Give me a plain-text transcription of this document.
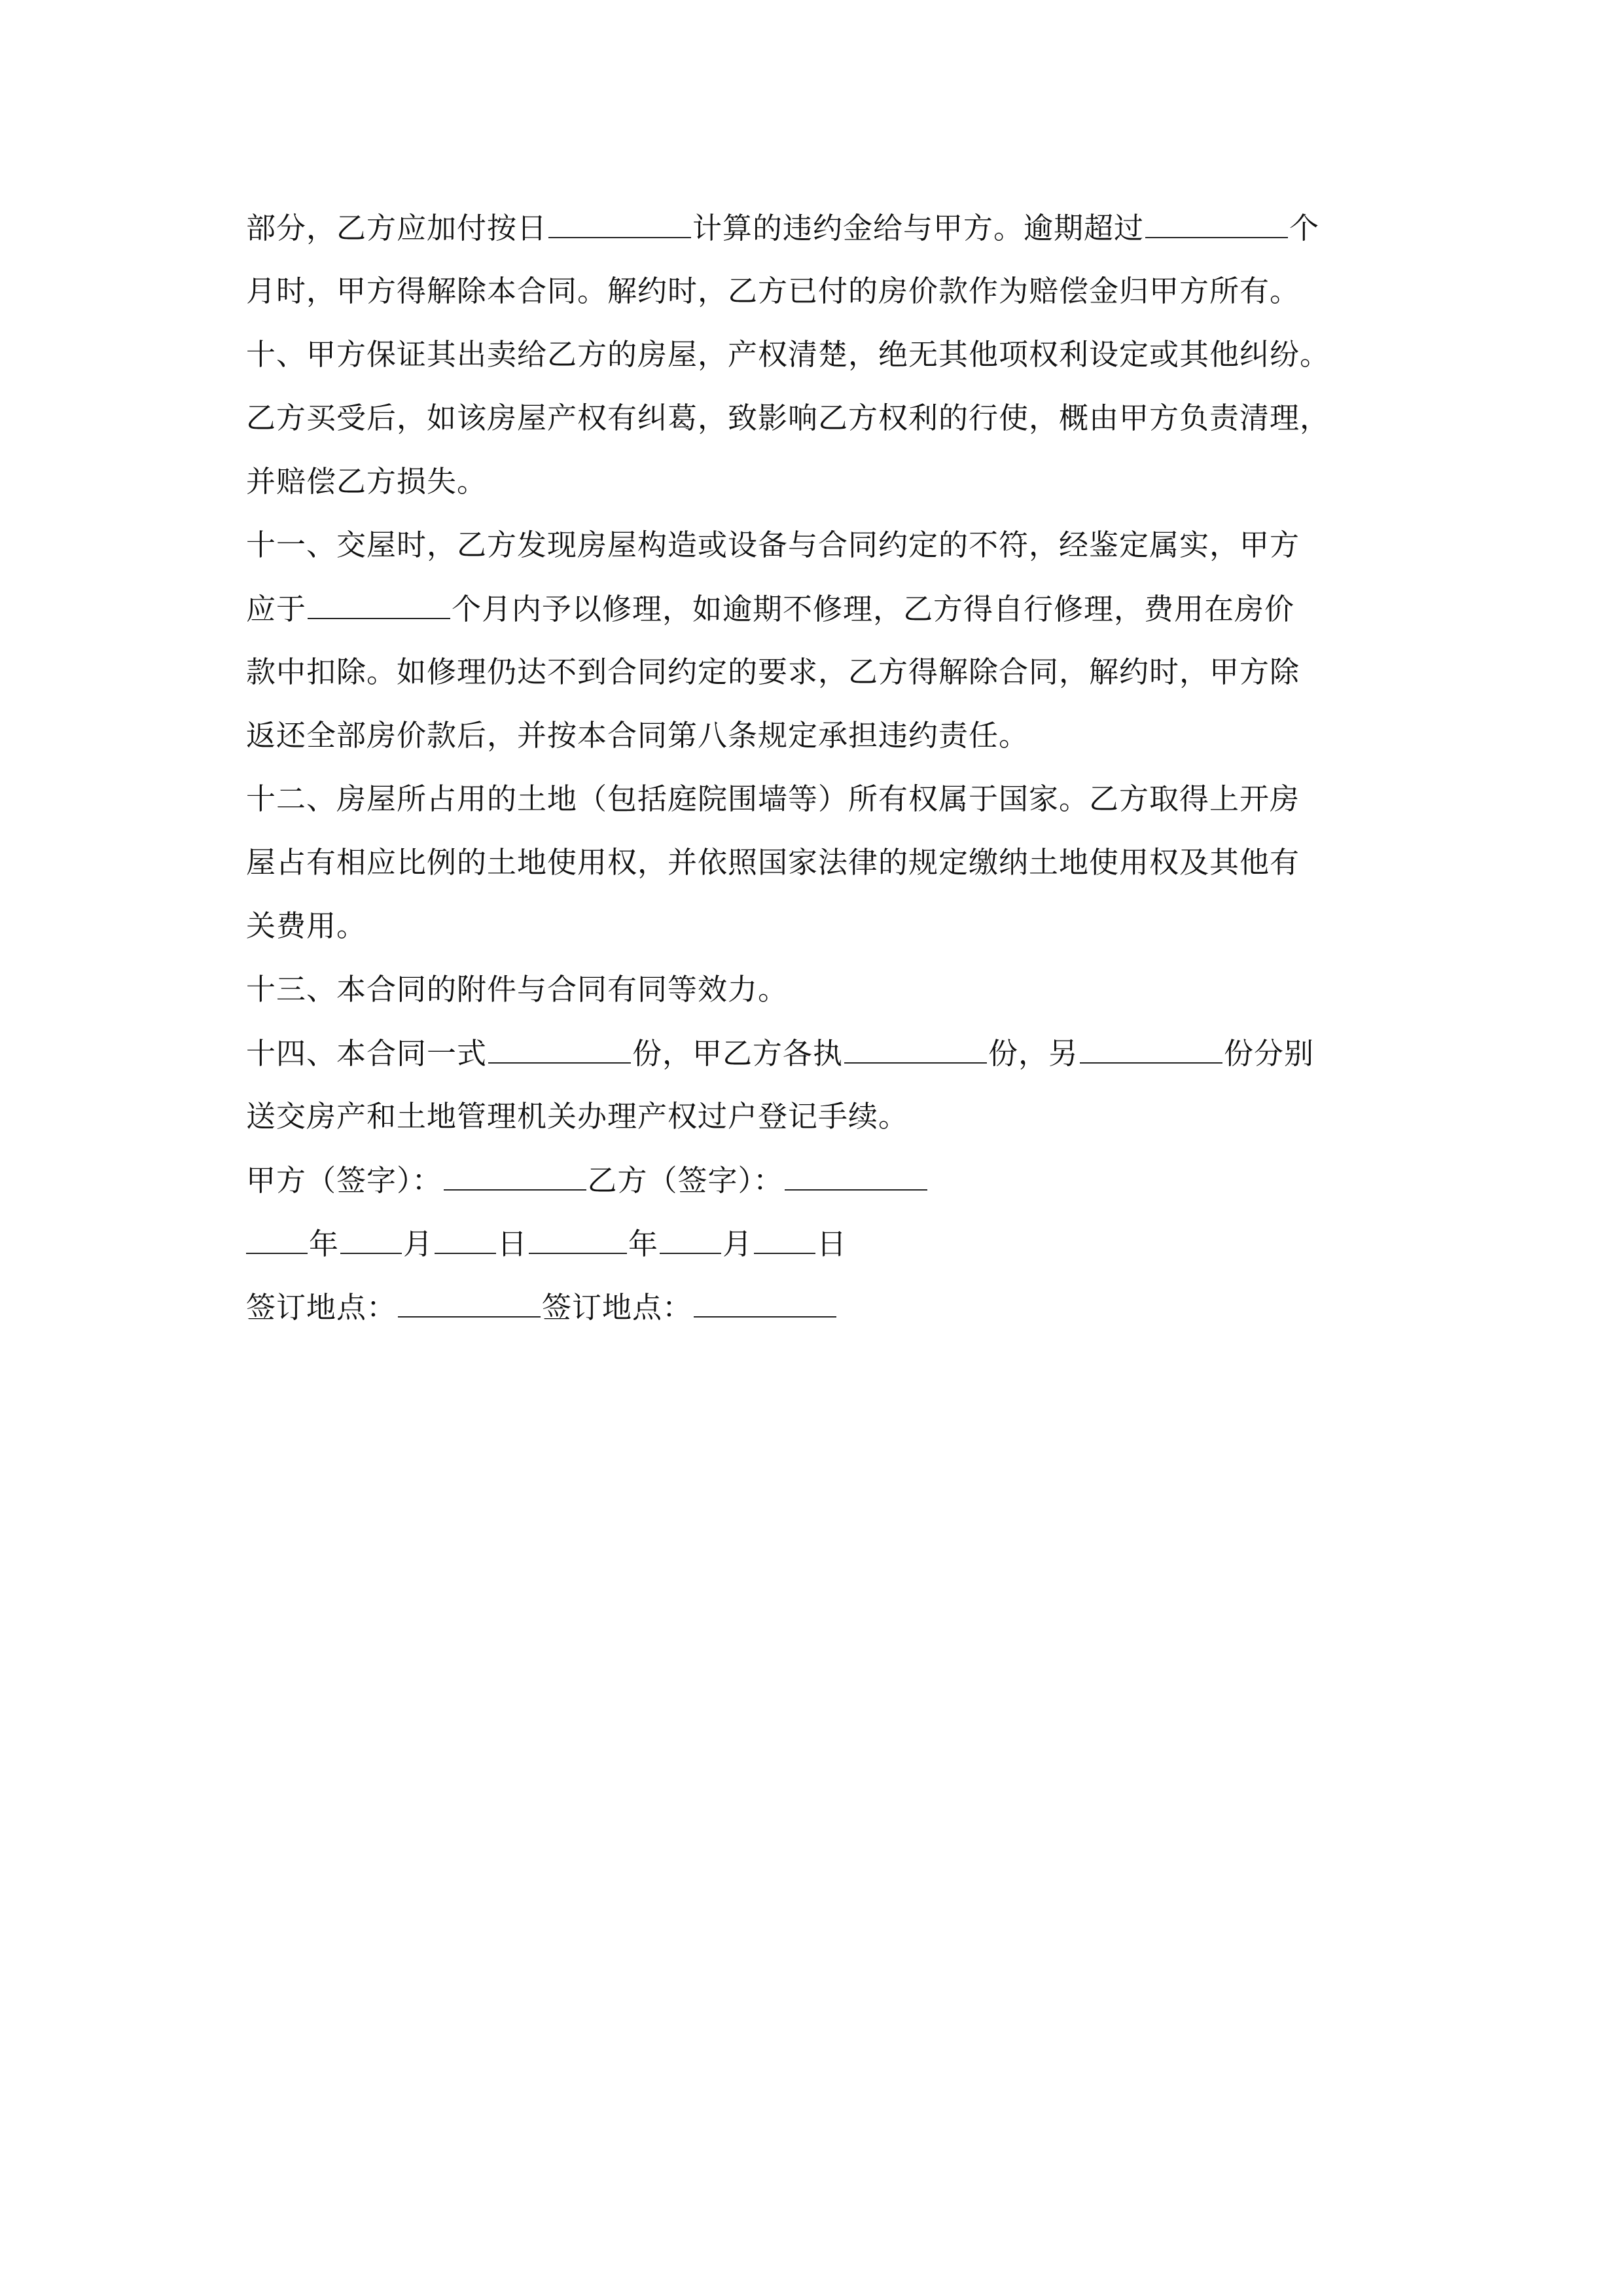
部分，乙方应加付按日	计算的违约金给与甲方。逾期超过	个
月时，甲方得解除本合同。解约时，乙方已付的房价款作为赔偿金归甲方所有。
十、甲方保证其出卖给乙方的房屋，产权清楚，绝无其他项权利设定或其他纠纷。
乙方买受后，如该房屋产权有纠葛，致影响乙方权利的行使，概由甲方负责清理，
并赔偿乙方损失。
十一、交屋时，乙方发现房屋构造或设备与合同约定的不符，经鉴定属实，甲方
应于	个月内予以修理，如逾期不修理，乙方得自行修理，费用在房价
款中扣除。如修理仍达不到合同约定的要求，乙方得解除合同，解约时，甲方除
返还全部房价款后，并按本合同第八条规定承担违约责任。
十二、房屋所占用的土地（包括庭院围墙等）所有权属于国家。乙方取得上开房
屋占有相应比例的土地使用权，并依照国家法律的规定缴纳土地使用权及其他有
关费用。
十三、本合同的附件与合同有同等效力。
十四、本合同一式	份，甲乙方各执	份，另	份分别
送交房产和土地管理机关办理产权过户登记手续。
甲方（签字）：	乙方（签字）：
年 月 日	年 月 日
签订地点：	签订地点：
